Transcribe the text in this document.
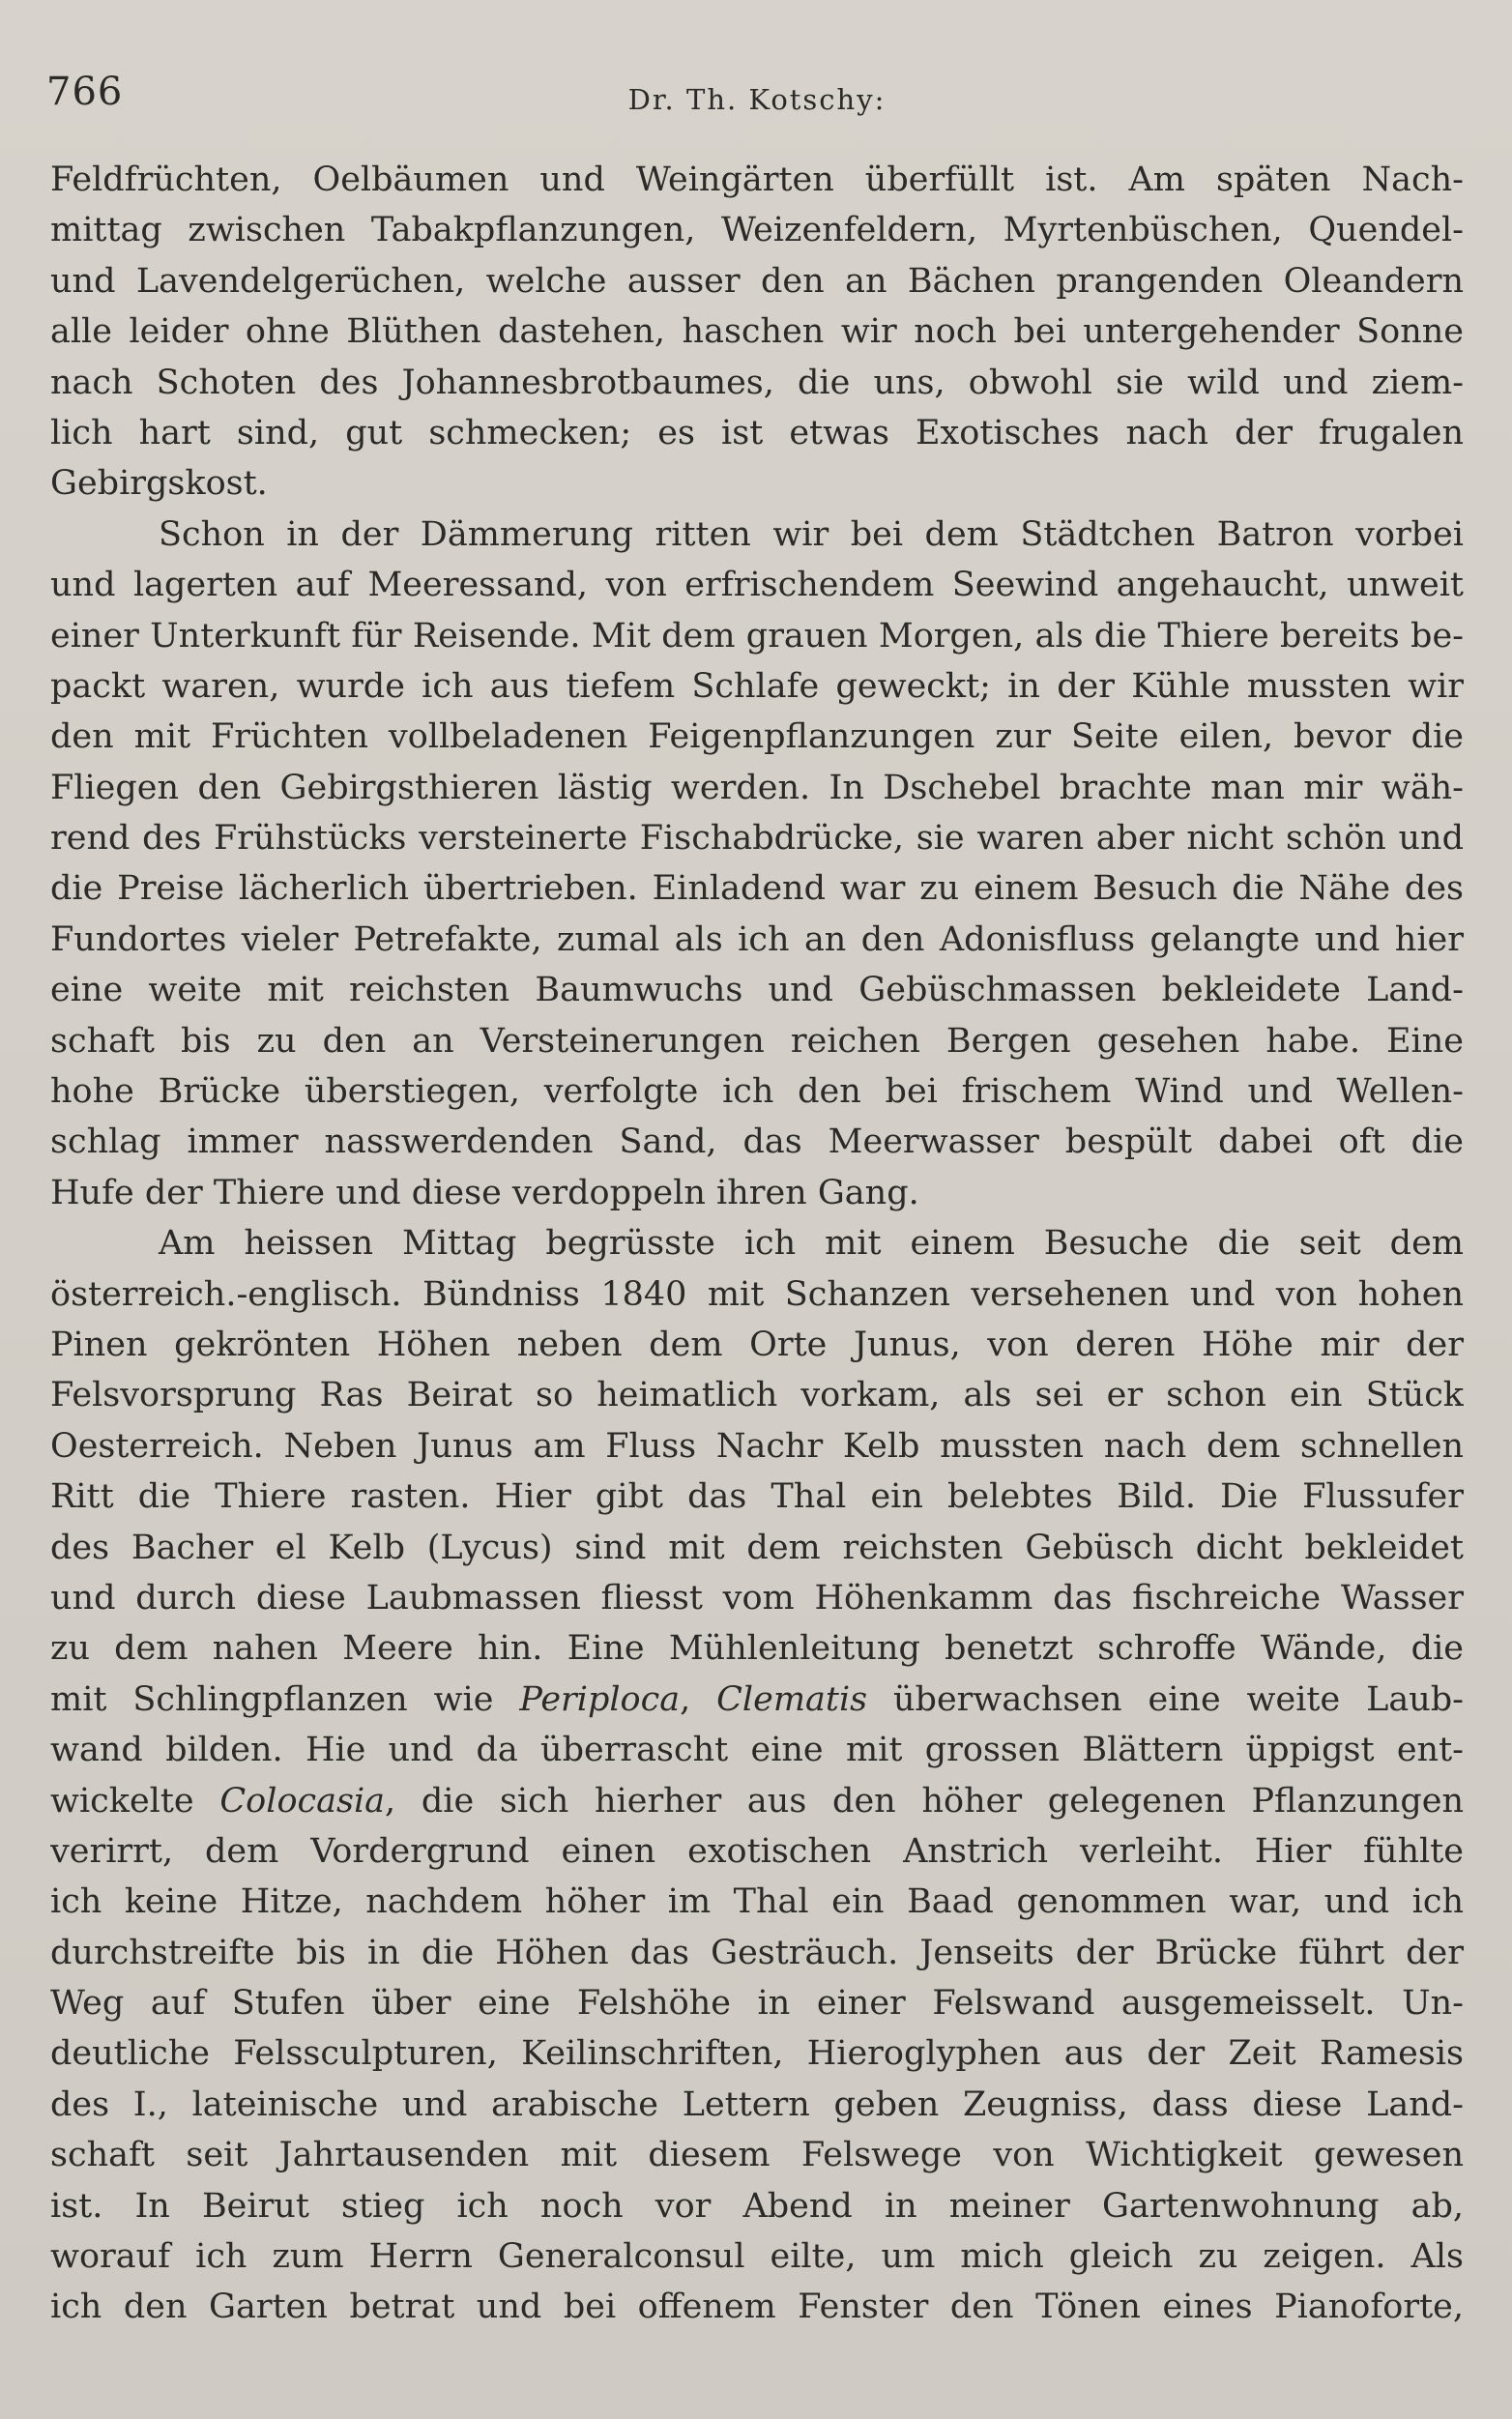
766	Dr. Th. Kotschy:
Feldfrüchten, Oelbäumen und Weingärten überfüllt ist. Am späten Nach-
mittag zwischen Tabakpflanzungen, Weizenfeldern, Myrtenbüschen, Quendel-
und Lavendelgerüchen, welche ausser den an Bächen prangenden Oleandern
alle leider ohne Blüthen dastehen, haschen wir noch bei untergehender Sonne
nach Schoten des Johannesbrotbaumes, die uns, obwohl sie wild und ziem-
lich hart sind, gut schmecken; es ist etwas Exotisches nach der frugalen
Gebirgskost.
Schon in der Dämmerung ritten wir bei dem Städtchen Batron vorbei
und lagerten auf Meeressand, von erfrischendem Seewind angehaucht, unweit
einer Unterkunft für Reisende. Mit dem grauen Morgen, als die Thiere bereits be-
packt waren, wurde ich aus tiefem Schlafe geweckt; in der Kühle mussten wir
den mit Früchten vollbeladenen Feigenpflanzungen zur Seite eilen, bevor die
Fliegen den Gebirgsthieren lästig werden. In Dschebel brachte man mir wäh-
rend des Frühstücks versteinerte Fischabdrücke, sie waren aber nicht schön und
die Preise lächerlich übertrieben. Einladend war zu einem Besuch die Nähe des
Fundortes vieler Petrefakte, zumal als ich an den Adonisfluss gelangte und hier
eine weite mit reichsten Baumwuchs und Gebüschmassen bekleidete Land-
schaft bis zu den an Versteinerungen reichen Bergen gesehen habe. Eine
hohe Brücke überstiegen, verfolgte ich den bei frischem Wind und Wellen-
schlag immer nasswerdenden Sand, das Meerwasser bespült dabei oft die
Hufe der Thiere und diese verdoppeln ihren Gang.
Am heissen Mittag begrüsste ich mit einem Besuche die seit dem
österreich.-englisch. Bündniss 1840 mit Schanzen versehenen und von hohen
Pinen gekrönten Höhen neben dem Orte Junus, von deren Höhe mir der
Felsvorsprung Ras Beirat so heimatlich vorkam, als sei er schon ein Stück
Oesterreich. Neben Junus am Fluss Nachr Kelb mussten nach dem schnellen
Ritt die Thiere rasten. Hier gibt das Thal ein belebtes Bild. Die Flussufer
des Bacher el Kelb (Lycus) sind mit dem reichsten Gebüsch dicht bekleidet
und durch diese Laubmassen fliesst vom Höhenkamm das fischreiche Wasser
zu dem nahen Meere hin. Eine Mühlenleitung benetzt schroffe Wände, die
mit Schlingpflanzen wie Periploca, Clematis überwachsen eine weite Laub-
wand bilden. Hie und da überrascht eine mit grossen Blättern üppigst ent-
wickelte Colocasia, die sich hierher aus den höher gelegenen Pflanzungen
verirrt, dem Vordergrund einen exotischen Anstrich verleiht. Hier fühlte
ich keine Hitze, nachdem höher im Thal ein Baad genommen war, und ich
durchstreifte bis in die Höhen das Gesträuch. Jenseits der Brücke führt der
Weg auf Stufen über eine Felshöhe in einer Felswand ausgemeisselt. Un-
deutliche Felssculpturen, Keilinschriften, Hieroglyphen aus der Zeit Ramesis
des I., lateinische und arabische Lettern geben Zeugniss, dass diese Land-
schaft seit Jahrtausenden mit diesem Felswege von Wichtigkeit gewesen
ist. In Beirut stieg ich noch vor Abend in meiner Gartenwohnung ab,
worauf ich zum Herrn Generalconsul eilte, um mich gleich zu zeigen. Als
ich den Garten betrat und bei offenem Fenster den Tönen eines Pianoforte,
